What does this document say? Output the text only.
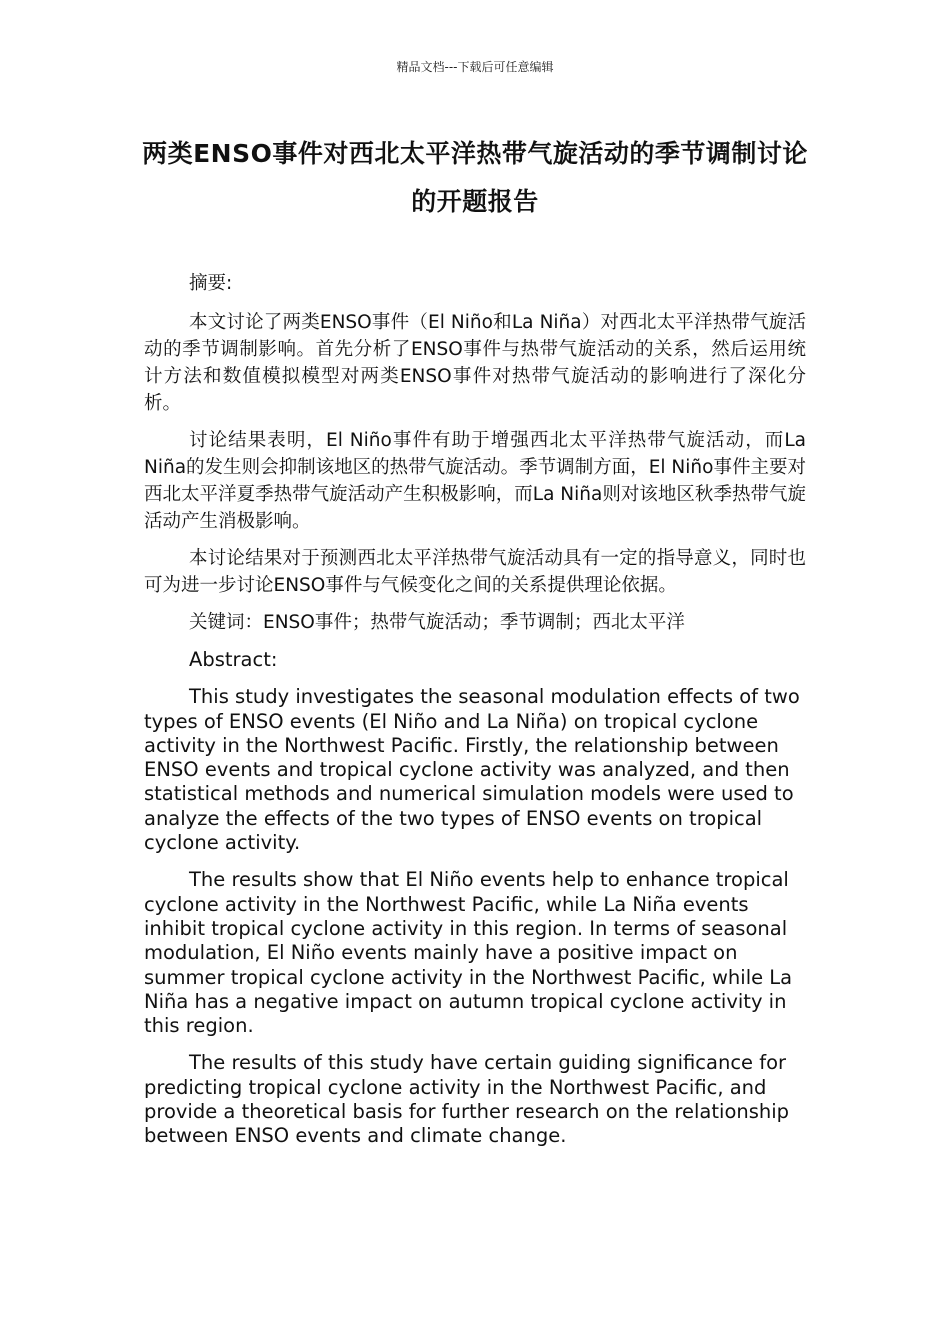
精品文档---下载后可任意编辑
两类ENSO事件对西北太平洋热带气旋活动的季节调制讨论的开题报告

摘要:

本文讨论了两类ENSO事件（El Niño和La Niña）对西北太平洋热带气旋活动的季节调制影响。首先分析了ENSO事件与热带气旋活动的关系，然后运用统计方法和数值模拟模型对两类ENSO事件对热带气旋活动的影响进行了深化分析。

讨论结果表明，El Niño事件有助于增强西北太平洋热带气旋活动，而La Niña的发生则会抑制该地区的热带气旋活动。季节调制方面，El Niño事件主要对西北太平洋夏季热带气旋活动产生积极影响，而La Niña则对该地区秋季热带气旋活动产生消极影响。

本讨论结果对于预测西北太平洋热带气旋活动具有一定的指导意义，同时也可为进一步讨论ENSO事件与气候变化之间的关系提供理论依据。

关键词：ENSO事件；热带气旋活动；季节调制；西北太平洋

Abstract:

This study investigates the seasonal modulation effects of two types of ENSO events (El Niño and La Niña) on tropical cyclone activity in the Northwest Pacific. Firstly, the relationship between ENSO events and tropical cyclone activity was analyzed, and then statistical methods and numerical simulation models were used to analyze the effects of the two types of ENSO events on tropical cyclone activity.

The results show that El Niño events help to enhance tropical cyclone activity in the Northwest Pacific, while La Niña events inhibit tropical cyclone activity in this region. In terms of seasonal modulation, El Niño events mainly have a positive impact on summer tropical cyclone activity in the Northwest Pacific, while La Niña has a negative impact on autumn tropical cyclone activity in this region.

The results of this study have certain guiding significance for predicting tropical cyclone activity in the Northwest Pacific, and provide a theoretical basis for further research on the relationship between ENSO events and climate change.
